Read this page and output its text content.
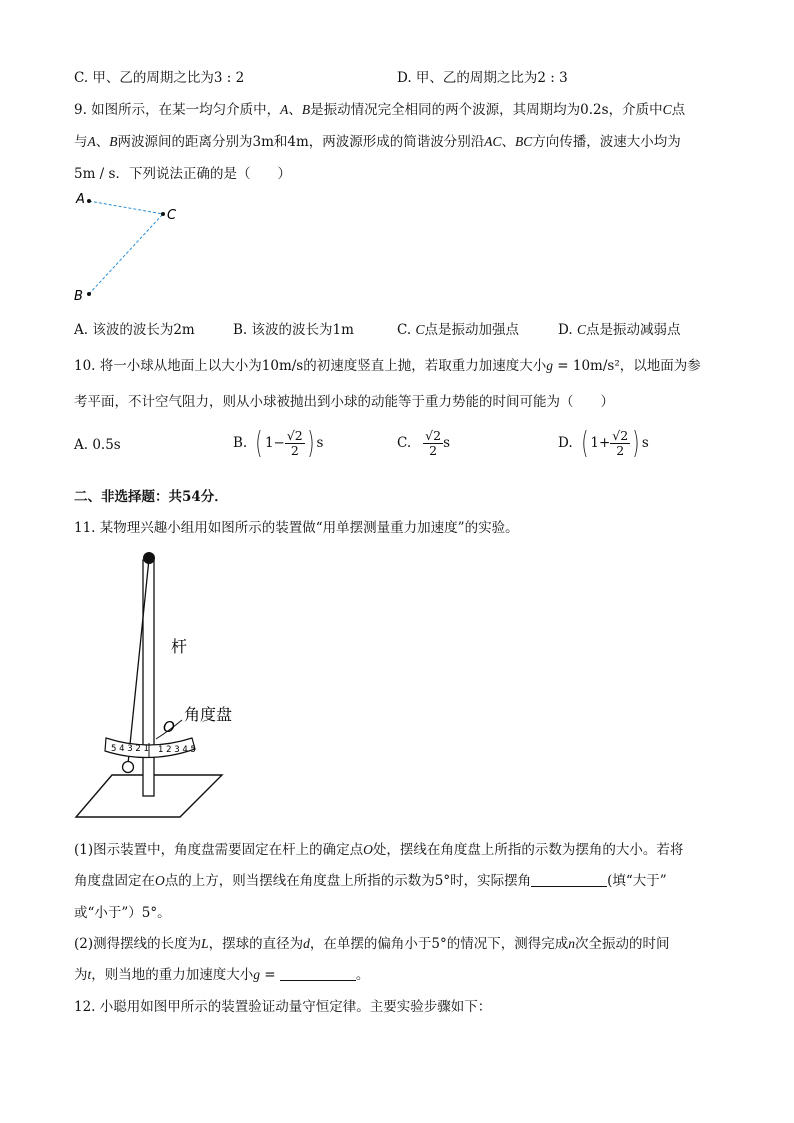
C. 甲、乙的周期之比为3 : 2	D. 甲、乙的周期之比为2 : 3
9. 如图所示，在某一均匀介质中，A、B是振动情况完全相同的两个波源，其周期均为0.2s，介质中C点
与A、B两波源间的距离分别为3m和4m，两波源形成的简谐波分别沿AC、BC方向传播，波速大小均为
5m / s．下列说法正确的是（　　）
A
C
B
A. 该波的波长为2m	B. 该波的波长为1m	C. C点是振动加强点	D. C点是振动减弱点
10. 将一小球从地面上以大小为10m/s的初速度竖直上抛，若取重力加速度大小g = 10m/s²，以地面为参
考平面，不计空气阻力，则从小球被抛出到小球的动能等于重力势能的时间可能为（　　）
A. 0.5s	B. ( $1- \frac{√2}{2}$ ) s	C. $\frac{√2}{2}$ s	D. ( $1+ \frac{√2}{2}$ ) s
二、非选择题：共54分．
11. 某物理兴趣小组用如图所示的装置做“用单摆测量重力加速度”的实验。
5 4 3 2 1 1 2 3 4 5
O
角度盘
杆
(1)图示装置中，角度盘需要固定在杆上的确定点O处，摆线在角度盘上所指的示数为摆角的大小。若将
角度盘固定在O点的上方，则当摆线在角度盘上所指的示数为5°时，实际摆角	(填“大于”
或“小于”）5°。
(2)测得摆线的长度为L，摆球的直径为d，在单摆的偏角小于5°的情况下，测得完成n次全振动的时间
为t，则当地的重力加速度大小g =	。
12. 小聪用如图甲所示的装置验证动量守恒定律。主要实验步骤如下：
